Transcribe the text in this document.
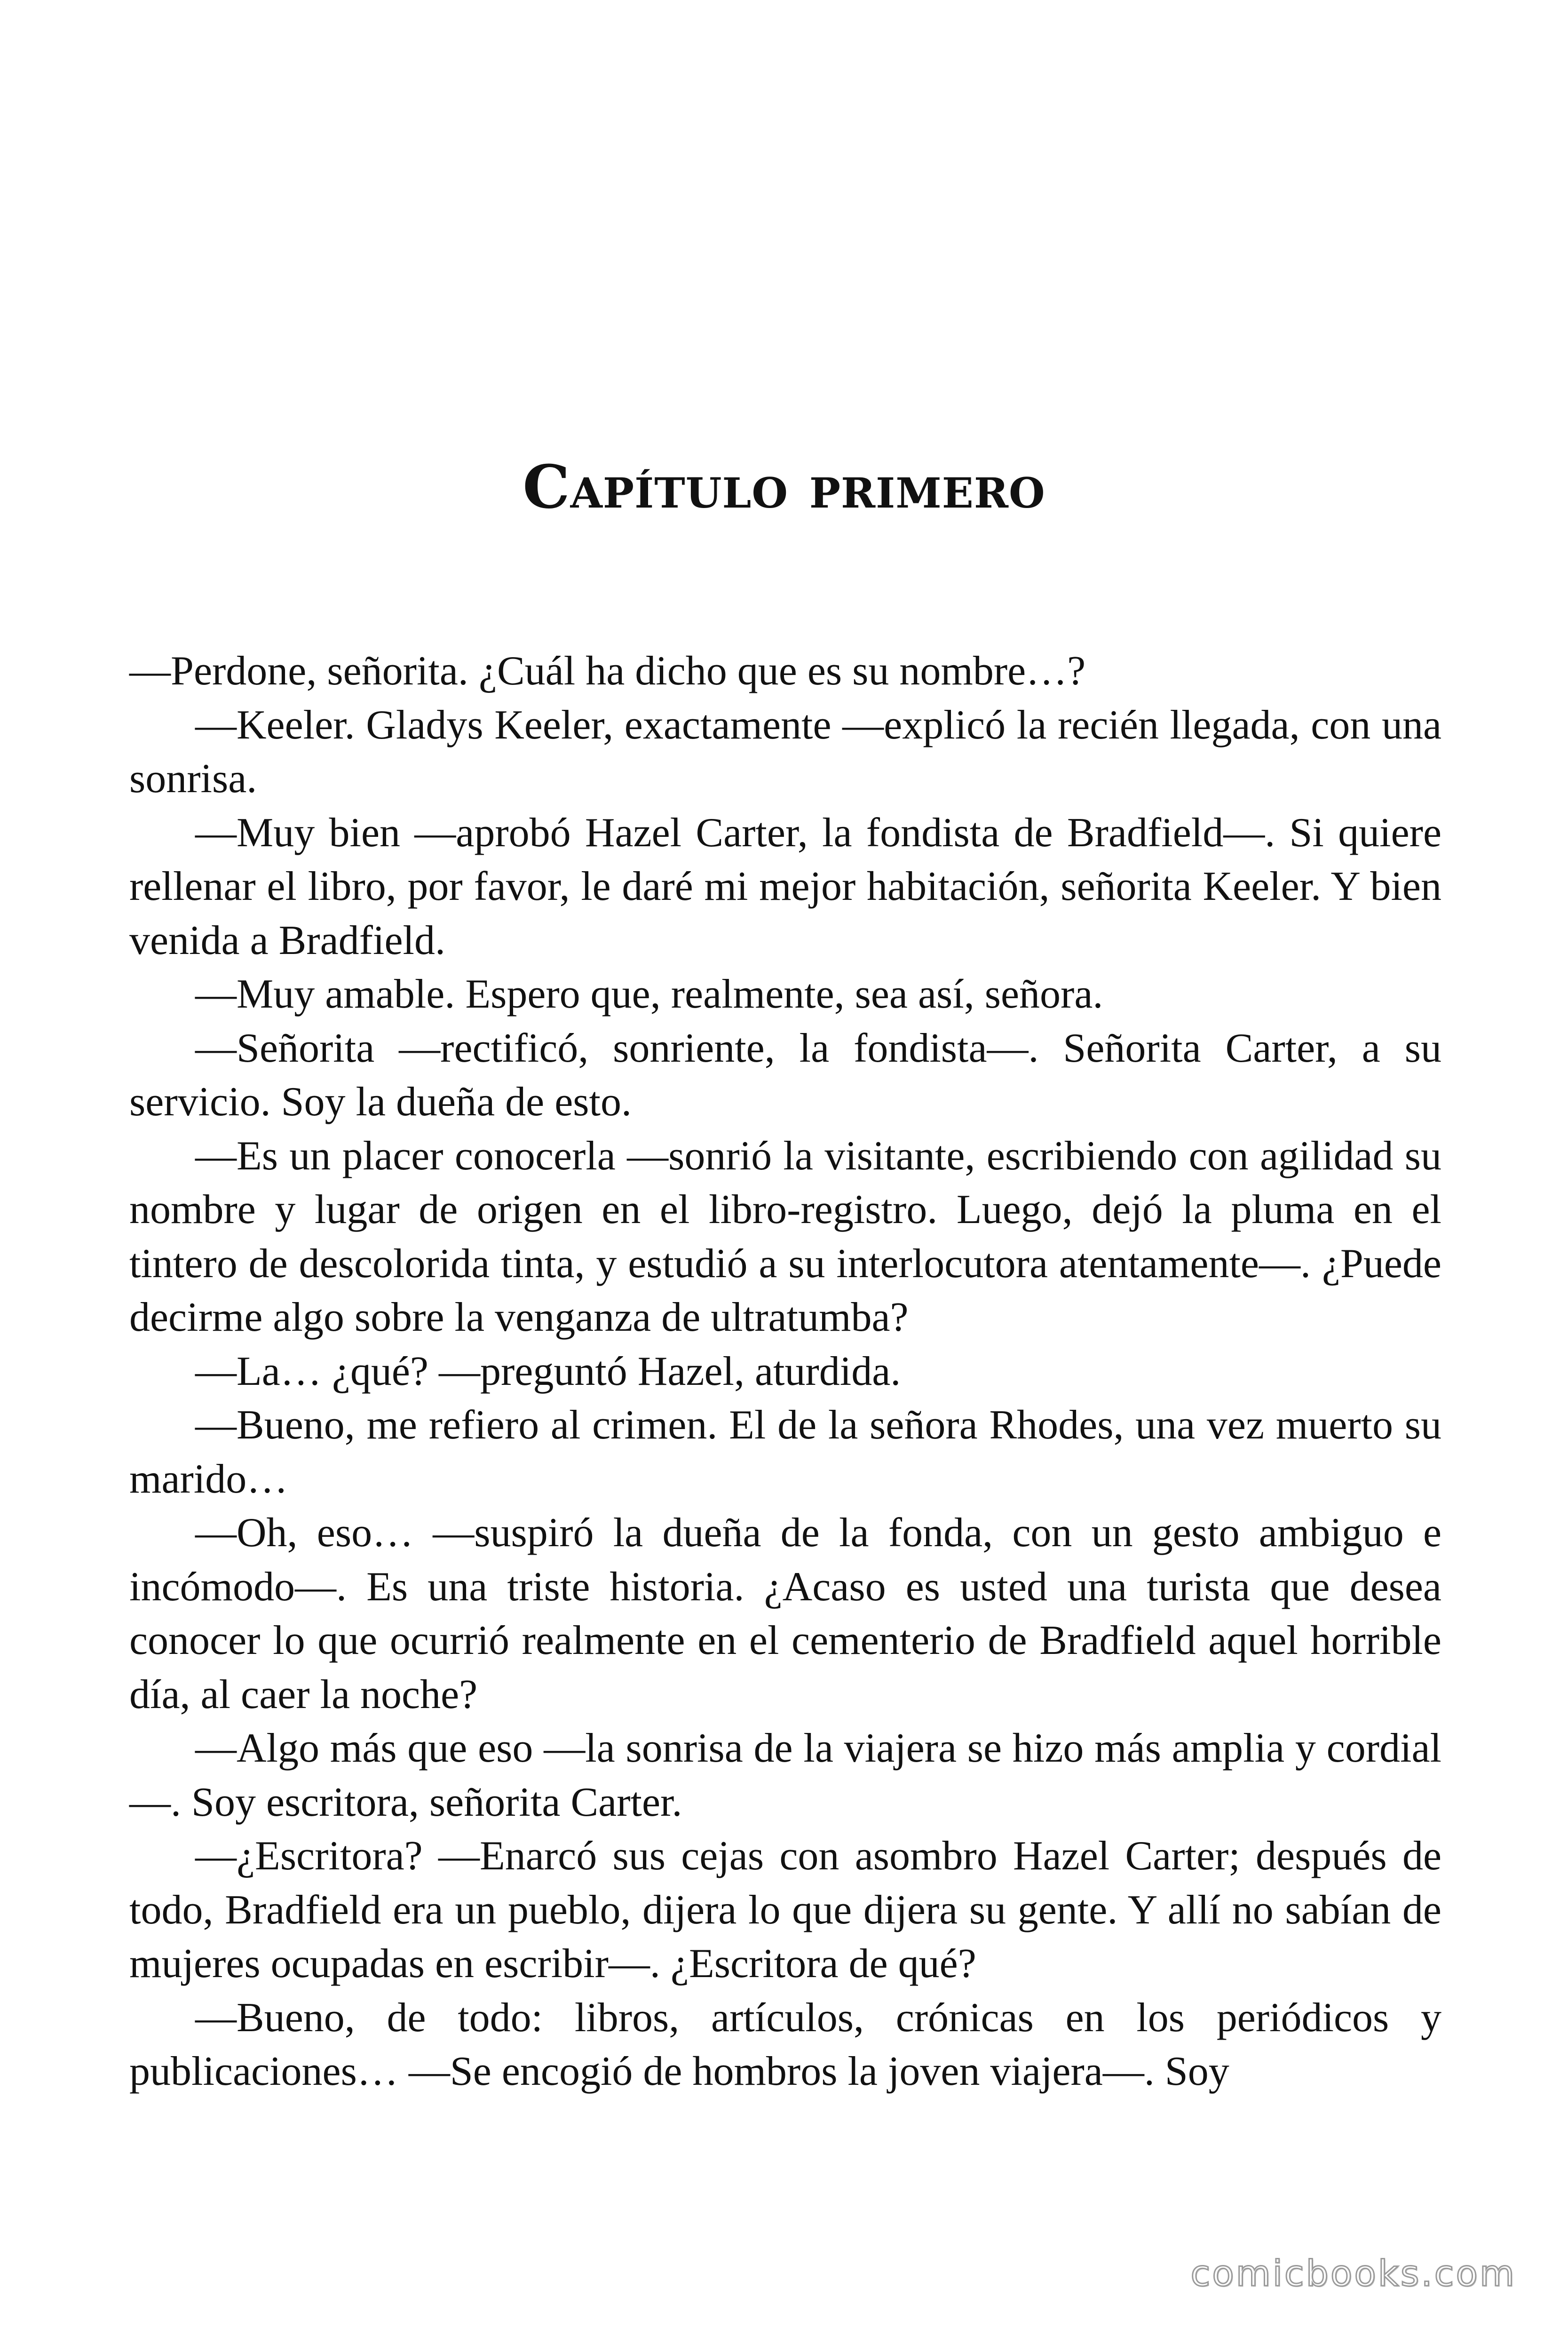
Capítulo primero

—Perdone, señorita. ¿Cuál ha dicho que es su nombre…?

—Keeler. Gladys Keeler, exactamente —explicó la recién llegada, con una sonrisa.

—Muy bien —aprobó Hazel Carter, la fondista de Bradfield—. Si quiere rellenar el libro, por favor, le daré mi mejor habitación, señorita Keeler. Y bien venida a Bradfield.

—Muy amable. Espero que, realmente, sea así, señora.

—Señorita —rectificó, sonriente, la fondista—. Señorita Carter, a su servicio. Soy la dueña de esto.

—Es un placer conocerla —sonrió la visitante, escribiendo con agilidad su nombre y lugar de origen en el libro-registro. Luego, dejó la pluma en el tintero de descolorida tinta, y estudió a su interlocutora atentamente—. ¿Puede decirme algo sobre la venganza de ultratumba?

—La… ¿qué? —preguntó Hazel, aturdida.

—Bueno, me refiero al crimen. El de la señora Rhodes, una vez muerto su marido…

—Oh, eso… —suspiró la dueña de la fonda, con un gesto ambiguo e incómodo—. Es una triste historia. ¿Acaso es usted una turista que desea conocer lo que ocurrió realmente en el cementerio de Bradfield aquel horrible día, al caer la noche?

—Algo más que eso —la sonrisa de la viajera se hizo más amplia y cordial—. Soy escritora, señorita Carter.

—¿Escritora? —Enarcó sus cejas con asombro Hazel Carter; después de todo, Bradfield era un pueblo, dijera lo que dijera su gente. Y allí no sabían de mujeres ocupadas en escribir—. ¿Escritora de qué?

—Bueno, de todo: libros, artículos, crónicas en los periódicos y publicaciones… —Se encogió de hombros la joven viajera—. Soy

comicbooks.com
